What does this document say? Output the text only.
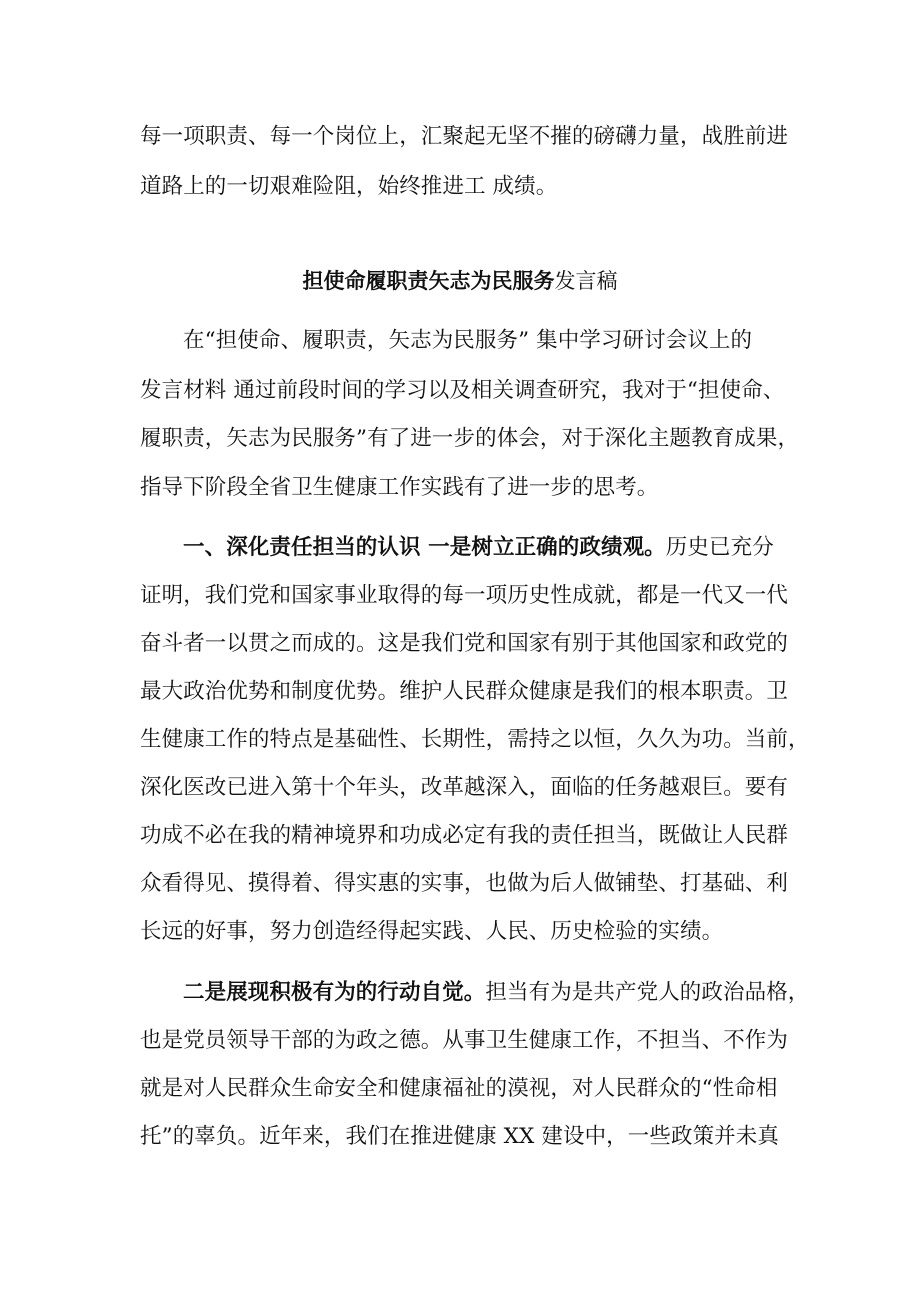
每一项职责、每一个岗位上，汇聚起无坚不摧的磅礴力量，战胜前进
道路上的一切艰难险阻，始终推进工 成绩。
担使命履职责矢志为民服务发言稿
在“担使命、履职责，矢志为民服务” 集中学习研讨会议上的
发言材料 通过前段时间的学习以及相关调查研究，我对于“担使命、
履职责，矢志为民服务”有了进一步的体会，对于深化主题教育成果，
指导下阶段全省卫生健康工作实践有了进一步的思考。
一、深化责任担当的认识 一是树立正确的政绩观。历史已充分
证明，我们党和国家事业取得的每一项历史性成就，都是一代又一代
奋斗者一以贯之而成的。这是我们党和国家有别于其他国家和政党的
最大政治优势和制度优势。维护人民群众健康是我们的根本职责。卫
生健康工作的特点是基础性、长期性，需持之以恒，久久为功。当前，
深化医改已进入第十个年头，改革越深入，面临的任务越艰巨。要有
功成不必在我的精神境界和功成必定有我的责任担当，既做让人民群
众看得见、摸得着、得实惠的实事，也做为后人做铺垫、打基础、利
长远的好事，努力创造经得起实践、人民、历史检验的实绩。
二是展现积极有为的行动自觉。担当有为是共产党人的政治品格，
也是党员领导干部的为政之德。从事卫生健康工作，不担当、不作为
就是对人民群众生命安全和健康福祉的漠视，对人民群众的“性命相
托”的辜负。近年来，我们在推进健康 XX 建设中，一些政策并未真
